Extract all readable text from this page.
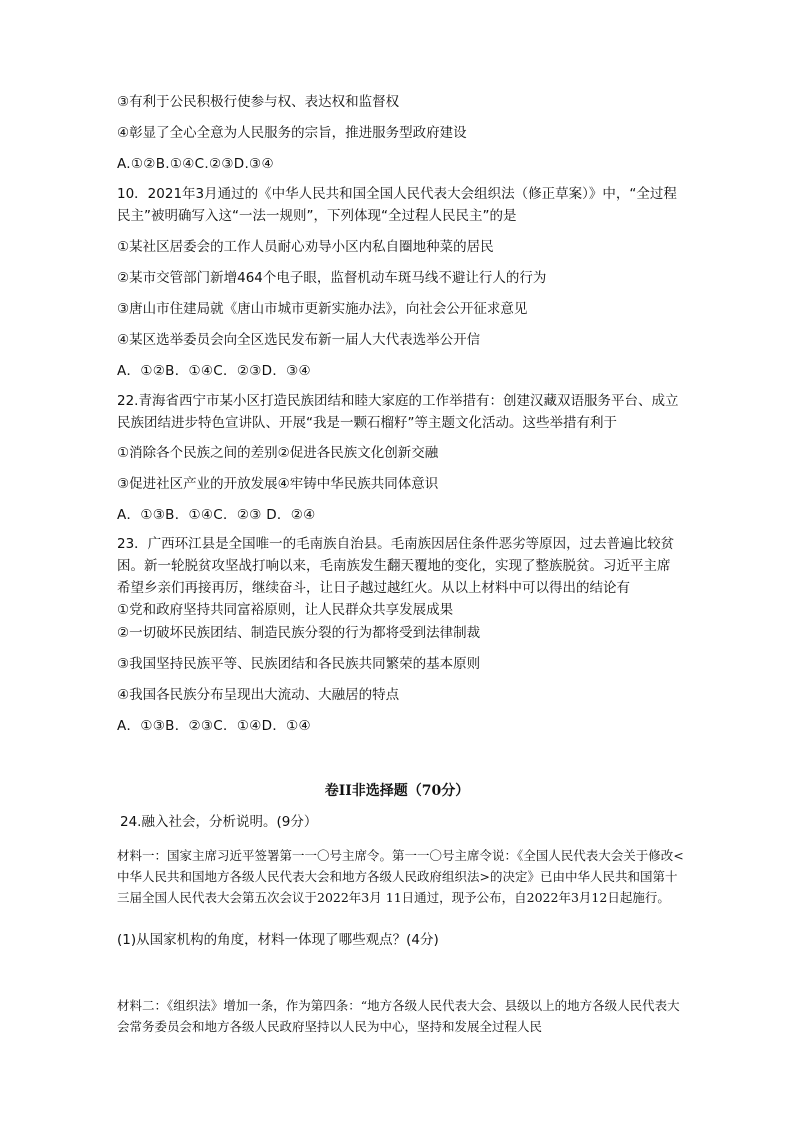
③有利于公民积极行使参与权、表达权和监督权
④彰显了全心全意为人民服务的宗旨，推进服务型政府建设
A.①②B.①④C.②③D.③④
10．2021年3月通过的《中华人民共和国全国人民代表大会组织法（修正草案）》中，“全过程民主”被明确写入这“一法一规则”，下列体现“全过程人民民主”的是
①某社区居委会的工作人员耐心劝导小区内私自圈地种菜的居民
②某市交管部门新增464个电子眼，监督机动车斑马线不避让行人的行为
③唐山市住建局就《唐山市城市更新实施办法》，向社会公开征求意见
④某区选举委员会向全区选民发布新一届人大代表选举公开信
A．①②B．①④C．②③D．③④
22.青海省西宁市某小区打造民族团结和睦大家庭的工作举措有：创建汉藏双语服务平台、成立民族团结进步特色宣讲队、开展“我是一颗石榴籽”等主题文化活动。这些举措有利于
①消除各个民族之间的差别②促进各民族文化创新交融
③促进社区产业的开放发展④牢铸中华民族共同体意识
A．①③B．①④C．②③ D．②④
23．广西环江县是全国唯一的毛南族自治县。毛南族因居住条件恶劣等原因，过去普遍比较贫困。新一轮脱贫攻坚战打响以来，毛南族发生翻天覆地的变化，实现了整族脱贫。习近平主席希望乡亲们再接再厉，继续奋斗，让日子越过越红火。从以上材料中可以得出的结论有
①党和政府坚持共同富裕原则，让人民群众共享发展成果
②一切破坏民族团结、制造民族分裂的行为都将受到法律制裁
③我国坚持民族平等、民族团结和各民族共同繁荣的基本原则
④我国各民族分布呈现出大流动、大融居的特点
A．①③B．②③C．①④D．①④
卷II非选择题（70分）
24.融入社会，分析说明。(9分）
材料一：国家主席习近平签署第一一〇号主席令。第一一〇号主席令说：《全国人民代表大会关于修改<中华人民共和国地方各级人民代表大会和地方各级人民政府组织法>的决定》已由中华人民共和国第十三届全国人民代表大会第五次会议于2022年3月 11日通过，现予公布，自2022年3月12日起施行。
(1)从国家机构的角度，材料一体现了哪些观点？(4分)
材料二：《组织法》增加一条，作为第四条：“地方各级人民代表大会、县级以上的地方各级人民代表大会常务委员会和地方各级人民政府坚持以人民为中心，坚持和发展全过程人民
